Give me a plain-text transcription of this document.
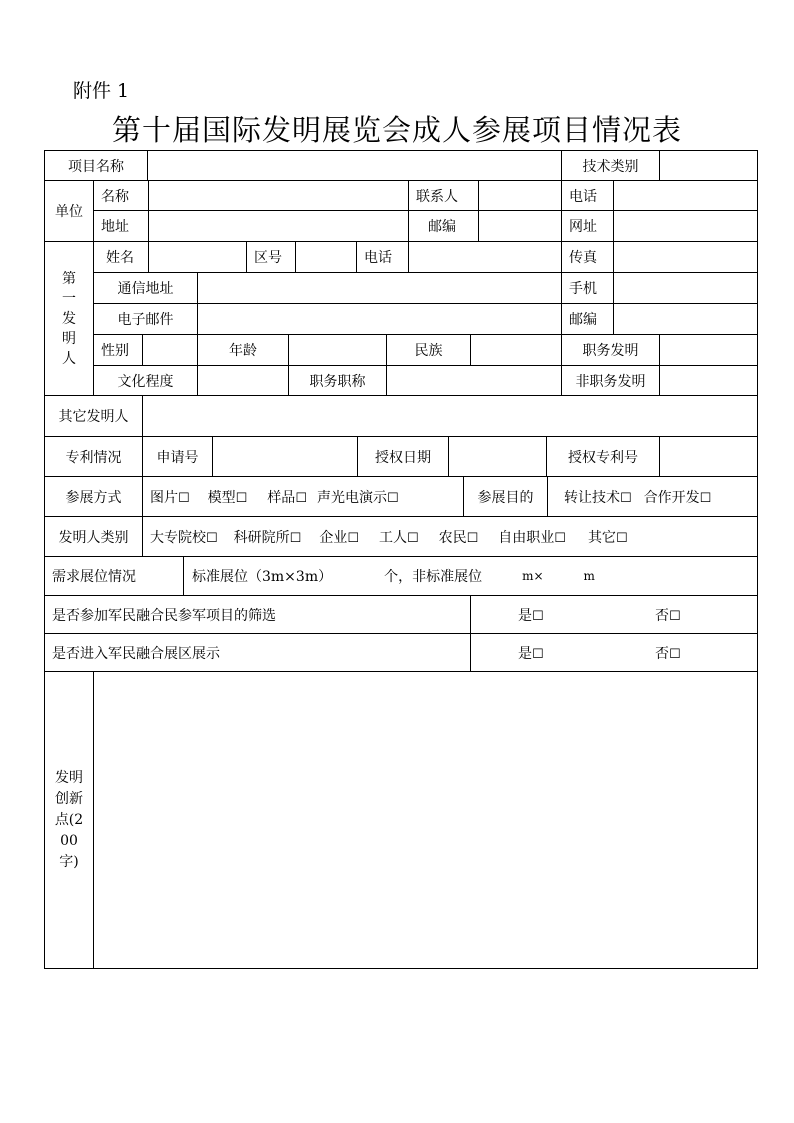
附件 1
第十届国际发明展览会成人参展项目情况表
项目名称	技术类别
单位
名称	联系人	电话
地址	邮编	网址
第一发明人
姓名	区号	电话	传真
通信地址	手机
电子邮件	邮编
性别	年龄	民族	职务发明
文化程度	职务职称	非职务发明
其它发明人
专利情况	申请号	授权日期	授权专利号
参展方式	图片☐ 模型☐ 样品☐ 声光电演示☐	参展目的	转让技术☐ 合作开发☐
发明人类别	大专院校☐ 科研院所☐ 企业☐ 工人☐ 农民☐ 自由职业☐ 其它☐
需求展位情况	标准展位（3m×3m）	个，非标准展位	m×	m
是否参加军民融合民参军项目的筛选	是☐	否☐
是否进入军民融合展区展示	是☐	否☐
发明创新点(200字)
